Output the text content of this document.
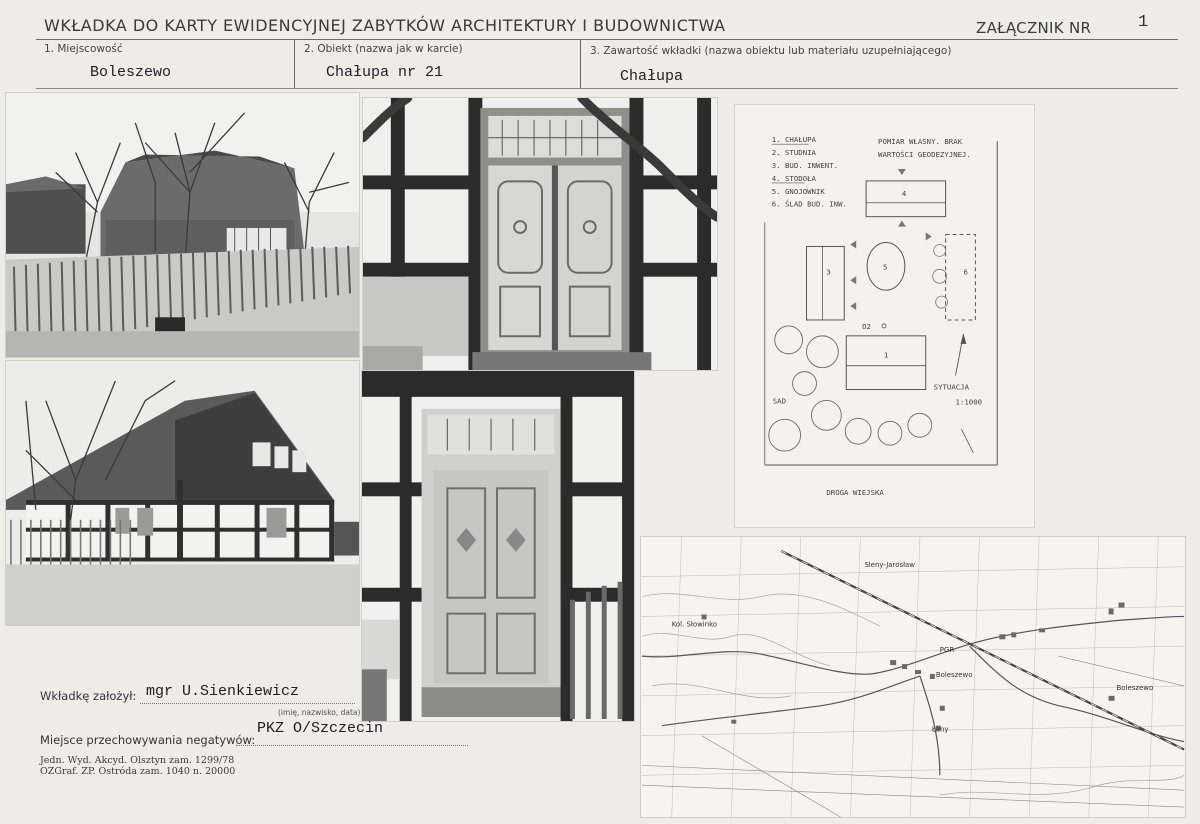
WKŁADKA DO KARTY EWIDENCYJNEJ ZABYTKÓW ARCHITEKTURY I BUDOWNICTWA	ZAŁĄCZNIK NR	1
1. Miejscowość
Boleszewo
2. Obiekt (nazwa jak w karcie)
Chałupa nr 21
3. Zawartość wkładki (nazwa obiektu lub materiału uzupełniającego)
Chałupa
1. CHAŁUPA
2. STUDNIA
3. BUD. INWENT.
4. STODOŁA
5. GNOJOWNIK
6. ŚLAD BUD. INW.
POMIAR WŁASNY. BRAK
WARTOŚCI GEODEZYJNEJ.
4
3
5
6
O2
1
SAD
SYTUACJA
1:1000
DROGA WIEJSKA
Boleszewo
Kol. Słowinko
Sleny-Jarosław
PGR
Łany
Boleszewo
Wkładkę założył: mgr U.Sienkiewicz
(imię, nazwisko, data)
Miejsce przechowywania negatywów:
PKZ O/Szczecin
Jedn. Wyd. Akcyd. Olsztyn zam. 1299/78
OZGraf. ZP. Ostróda zam. 1040 n. 20000
